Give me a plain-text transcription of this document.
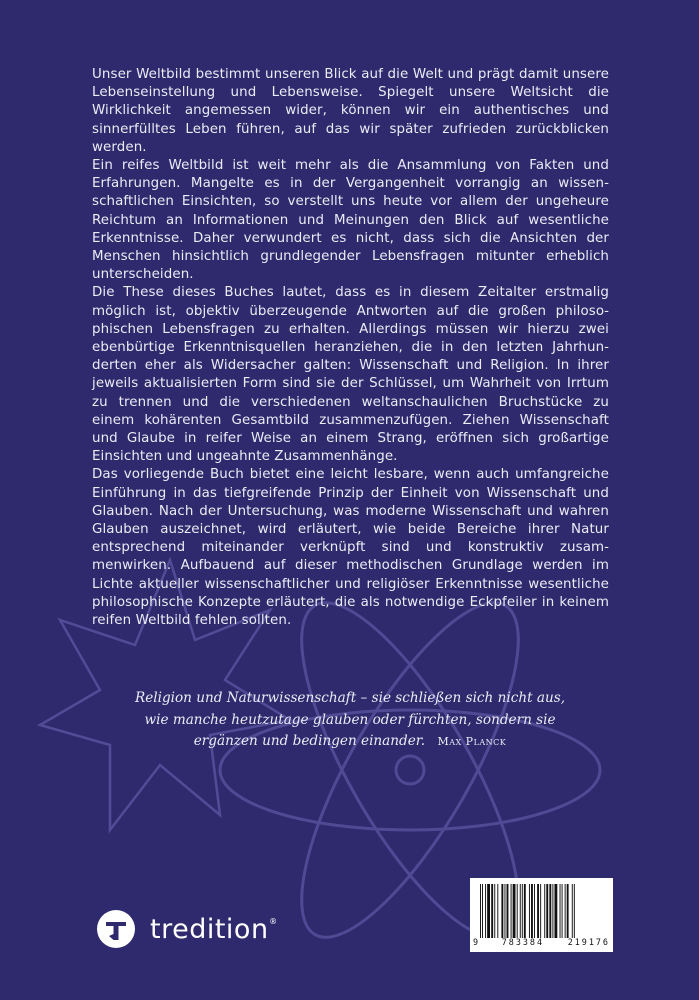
Unser Weltbild bestimmt unseren Blick auf die Welt und prägt damit unsere Lebenseinstellung und Lebensweise. Spiegelt unsere Weltsicht die Wirklichkeit angemessen wider, können wir ein authentisches und sinnerfülltes Leben führen, auf das wir später zufrieden zurückblicken werden.

Ein reifes Weltbild ist weit mehr als die Ansammlung von Fakten und Erfahrungen. Mangelte es in der Vergangenheit vorrangig an wissenschaftlichen Einsichten, so verstellt uns heute vor allem der ungeheure Reichtum an Informationen und Meinungen den Blick auf wesentliche Erkenntnisse. Daher verwundert es nicht, dass sich die Ansichten der Menschen hinsichtlich grundlegender Lebensfragen mitunter erheblich unterscheiden.

Die These dieses Buches lautet, dass es in diesem Zeitalter erstmalig möglich ist, objektiv überzeugende Antworten auf die großen philosophischen Lebensfragen zu erhalten. Allerdings müssen wir hierzu zwei ebenbürtige Erkenntnisquellen heranziehen, die in den letzten Jahrhunderten eher als Widersacher galten: Wissenschaft und Religion. In ihrer jeweils aktualisierten Form sind sie der Schlüssel, um Wahrheit von Irrtum zu trennen und die verschiedenen weltanschaulichen Bruchstücke zu einem kohärenten Gesamtbild zusammenzufügen. Ziehen Wissenschaft und Glaube in reifer Weise an einem Strang, eröffnen sich großartige Einsichten und ungeahnte Zusammenhänge.

Das vorliegende Buch bietet eine leicht lesbare, wenn auch umfangreiche Einführung in das tiefgreifende Prinzip der Einheit von Wissenschaft und Glauben. Nach der Untersuchung, was moderne Wissenschaft und wahren Glauben auszeichnet, wird erläutert, wie beide Bereiche ihrer Natur entsprechend miteinander verknüpft sind und konstruktiv zusammenwirken. Aufbauend auf dieser methodischen Grundlage werden im Lichte aktueller wissenschaftlicher und religiöser Erkenntnisse wesentliche philosophische Konzepte erläutert, die als notwendige Eckpfeiler in keinem reifen Weltbild fehlen sollten.

Religion und Naturwissenschaft – sie schließen sich nicht aus, wie manche heutzutage glauben oder fürchten, sondern sie ergänzen und bedingen einander. Max Planck
tredition ®
9	783384	219176
